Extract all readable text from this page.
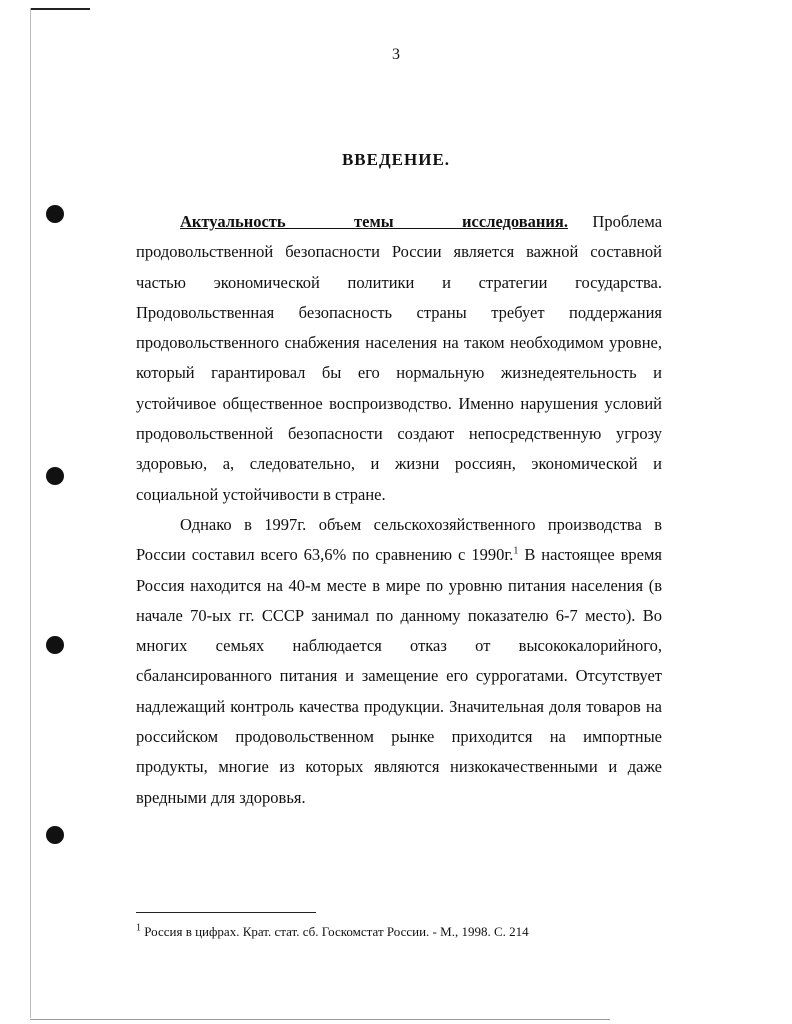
3
ВВЕДЕНИЕ.

Актуальность темы исследования. Проблема продовольственной безопасности России является важной составной частью экономической политики и стратегии государства. Продовольственная безопасность страны требует поддержания продовольственного снабжения населения на таком необходимом уровне, который гарантировал бы его нормальную жизнедеятельность и устойчивое общественное воспроизводство. Именно нарушения условий продовольственной безопасности создают непосредственную угрозу здоровью, а, следовательно, и жизни россиян, экономической и социальной устойчивости в стране.

Однако в 1997г. объем сельскохозяйственного производства в России составил всего 63,6% по сравнению с 1990г.$^1$ В настоящее время Россия находится на 40-м месте в мире по уровню питания населения (в начале 70-ых гг. СССР занимал по данному показателю 6-7 место). Во многих семьях наблюдается отказ от высококалорийного, сбалансированного питания и замещение его суррогатами. Отсутствует надлежащий контроль качества продукции. Значительная доля товаров на российском продовольственном рынке приходится на импортные продукты, многие из которых являются низкокачественными и даже вредными для здоровья.

$^1$ Россия в цифрах. Крат. стат. сб. Госкомстат России. - М., 1998. С. 214
